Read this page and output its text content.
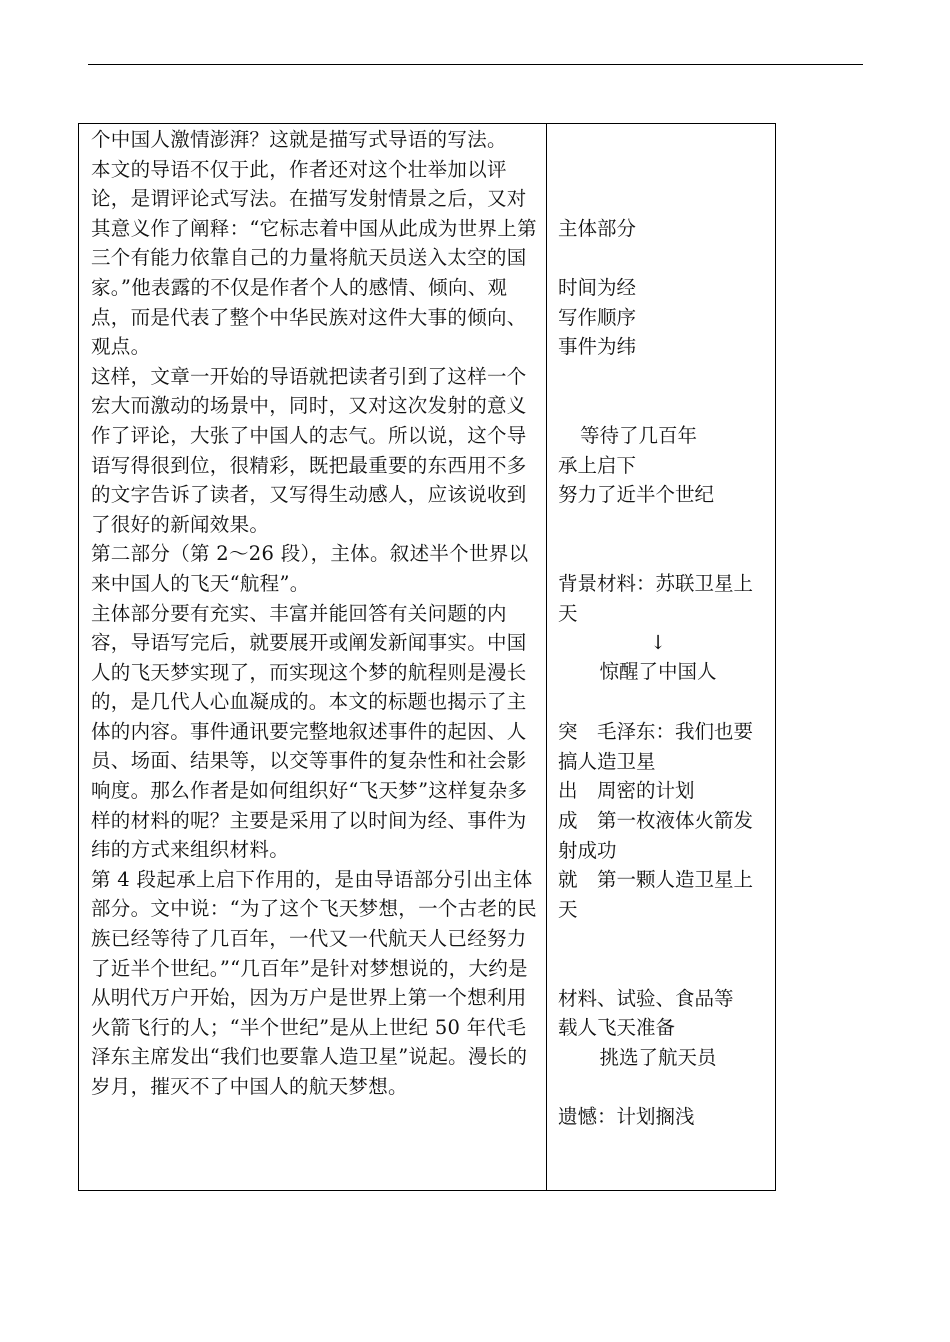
个中国人激情澎湃？这就是描写式导语的写法。

本文的导语不仅于此，作者还对这个壮举加以评论，是谓评论式写法。在描写发射情景之后，又对其意义作了阐释：“它标志着中国从此成为世界上第三个有能力依靠自己的力量将航天员送入太空的国家。”他表露的不仅是作者个人的感情、倾向、观点，而是代表了整个中华民族对这件大事的倾向、观点。

这样，文章一开始的导语就把读者引到了这样一个宏大而激动的场景中，同时，又对这次发射的意义作了评论，大张了中国人的志气。所以说，这个导语写得很到位，很精彩，既把最重要的东西用不多的文字告诉了读者，又写得生动感人，应该说收到了很好的新闻效果。

第二部分（第 2～26 段），主体。叙述半个世界以来中国人的飞天“航程”。

主体部分要有充实、丰富并能回答有关问题的内容，导语写完后，就要展开或阐发新闻事实。中国人的飞天梦实现了，而实现这个梦的航程则是漫长的，是几代人心血凝成的。本文的标题也揭示了主体的内容。事件通讯要完整地叙述事件的起因、人员、场面、结果等，以交等事件的复杂性和社会影响度。那么作者是如何组织好“飞天梦”这样复杂多样的材料的呢？主要是采用了以时间为经、事件为纬的方式来组织材料。

第 4 段起承上启下作用的，是由导语部分引出主体部分。文中说：“为了这个飞天梦想，一个古老的民族已经等待了几百年，一代又一代航天人已经努力了近半个世纪。”“几百年”是针对梦想说的，大约是从明代万户开始，因为万户是世界上第一个想利用火箭飞行的人；“半个世纪”是从上世纪 50 年代毛泽东主席发出“我们也要靠人造卫星”说起。漫长的岁月，摧灭不了中国人的航天梦想。

主体部分
时间为经
写作顺序
事件为纬
等待了几百年
承上启下
努力了近半个世纪
背景材料：苏联卫星上天
↓
惊醒了中国人
突　毛泽东：我们也要搞人造卫星
出　周密的计划
成　第一枚液体火箭发射成功
就　第一颗人造卫星上天
材料、试验、食品等
载人飞天准备
挑选了航天员
遗憾：计划搁浅
